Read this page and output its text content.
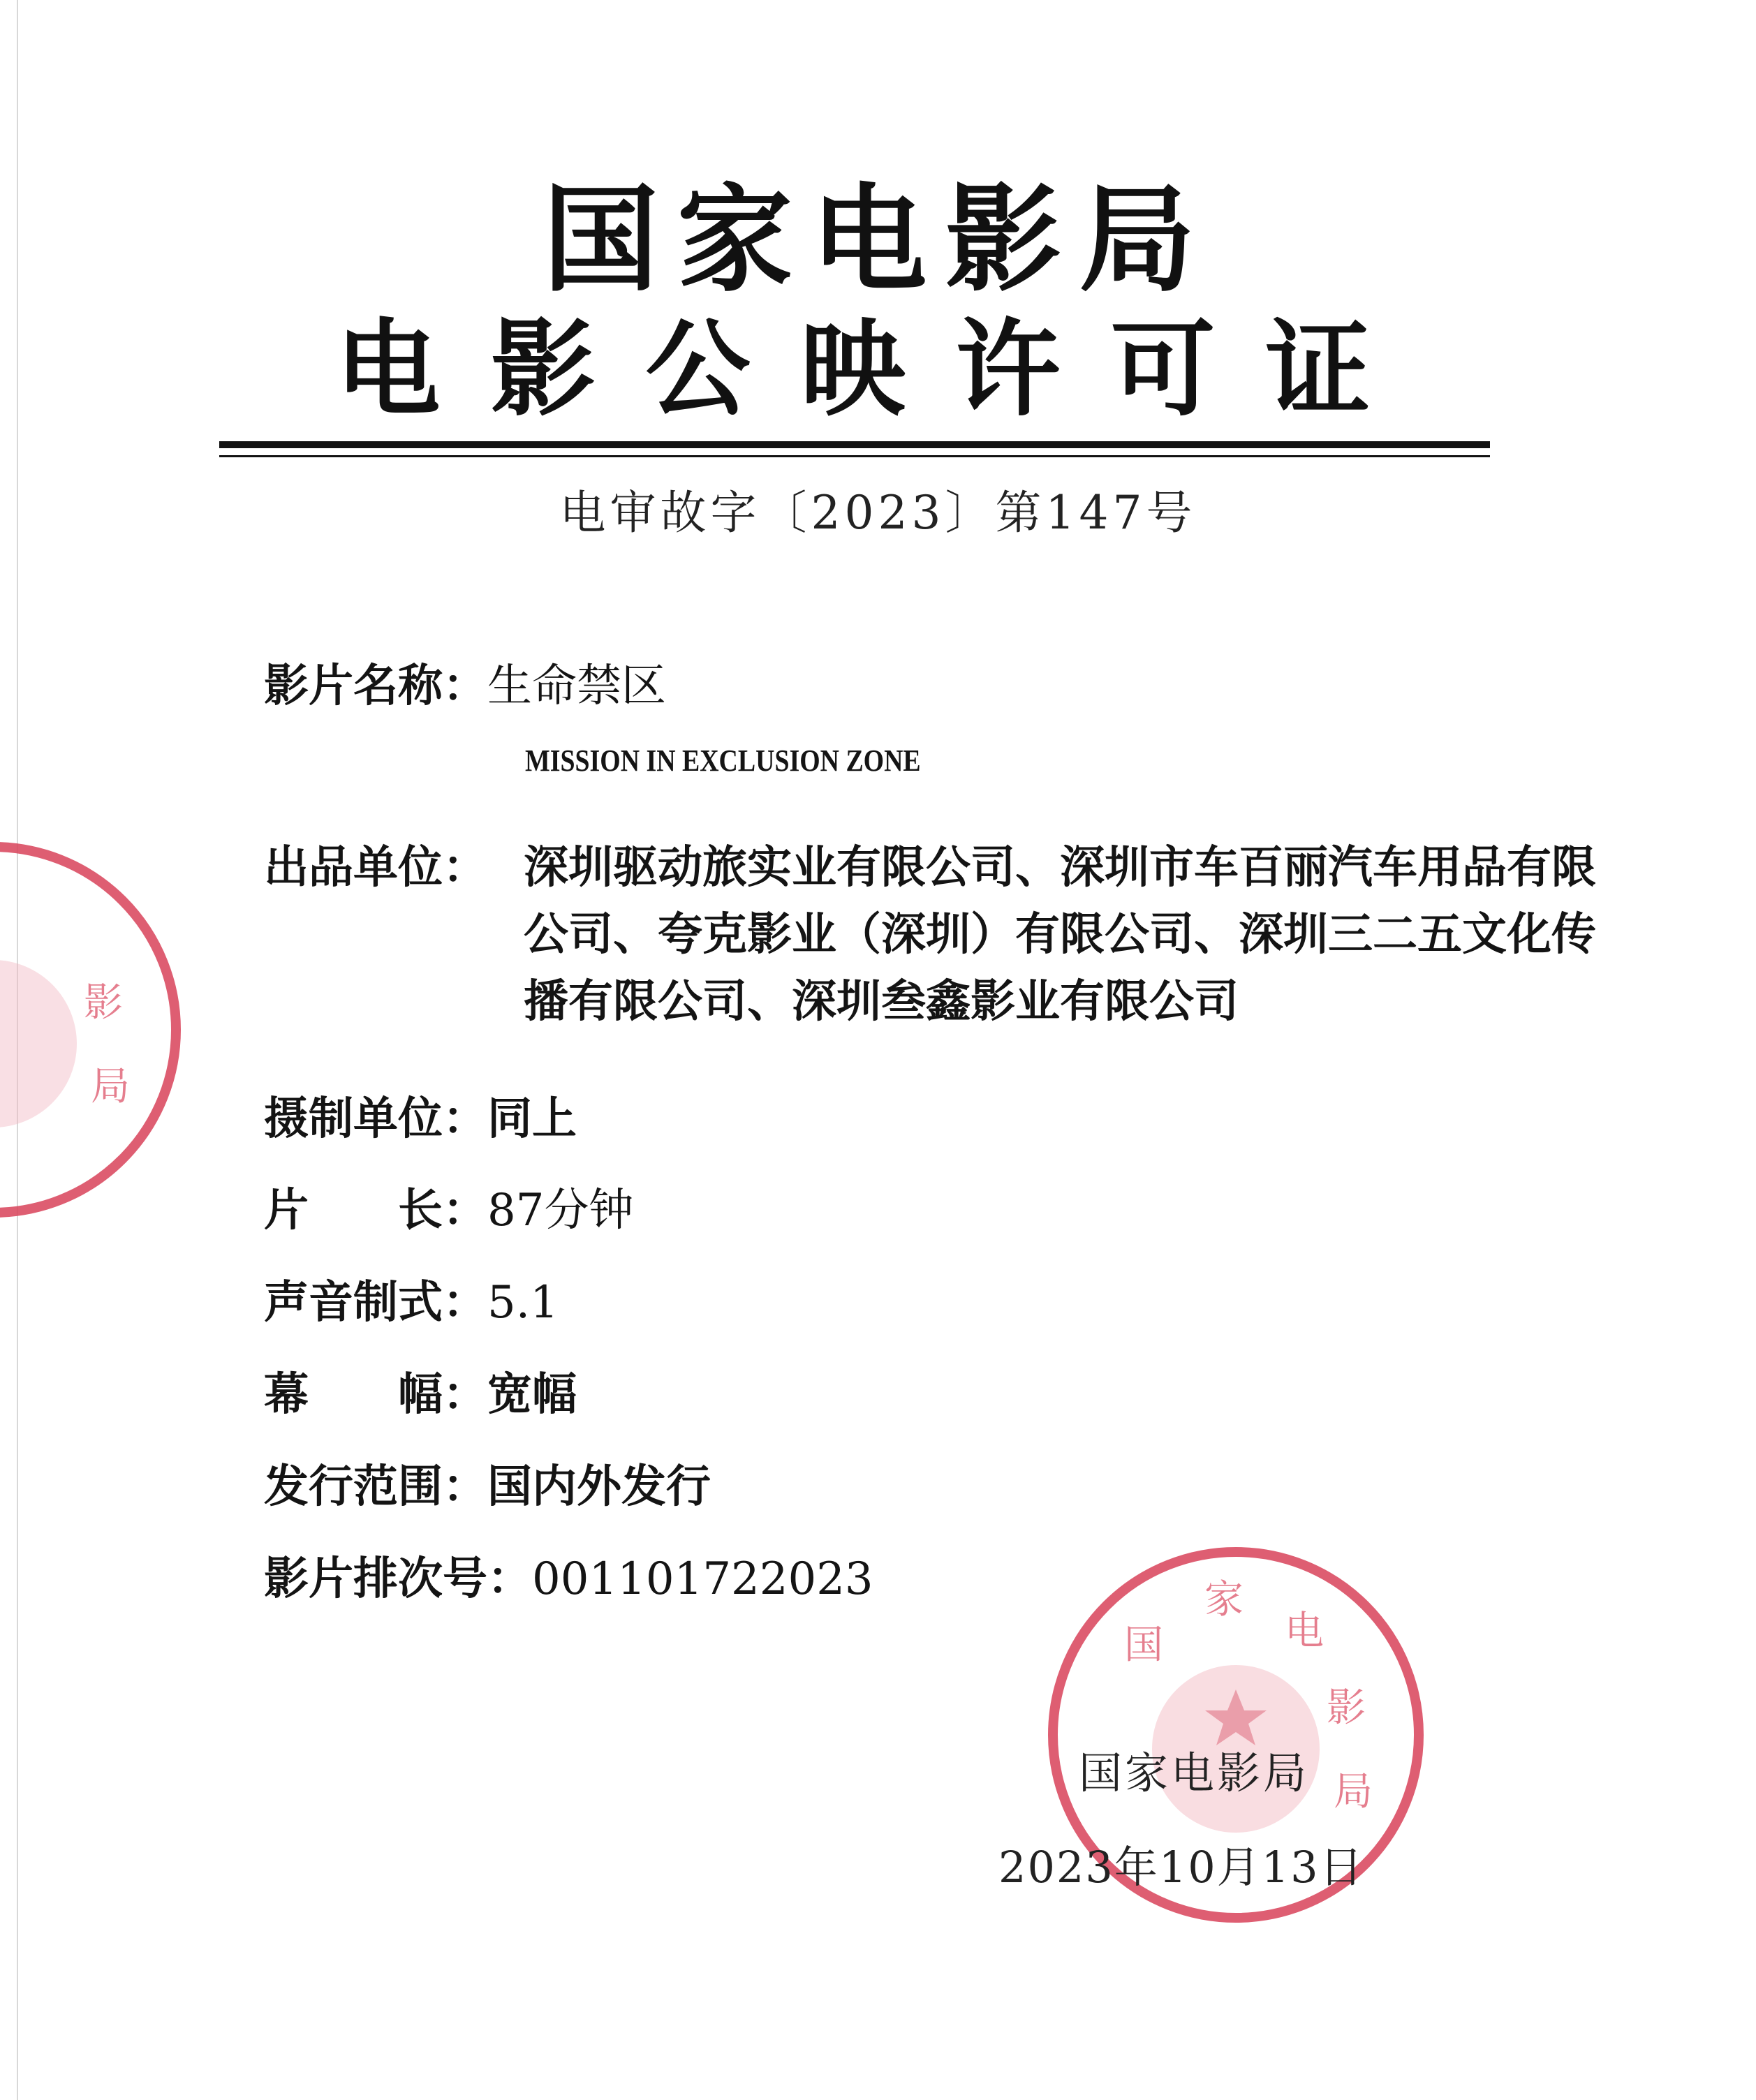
国家电影局
电影公映许可证
电审故字〔2023〕第147号
影片名称：生命禁区
MISSION IN EXCLUSION ZONE
出品单位： 深圳驱动旅实业有限公司、深圳市车百丽汽车用品有限公司、夸克影业（深圳）有限公司、深圳三二五文化传播有限公司、深圳叁鑫影业有限公司
摄制单位：同上
片　　长：87分钟
声音制式：5.1
幕　　幅：宽幅
发行范围：国内外发行
影片排次号：001101722023
国
家
电
影
局
影
局
国家电影局
2023年10月13日
